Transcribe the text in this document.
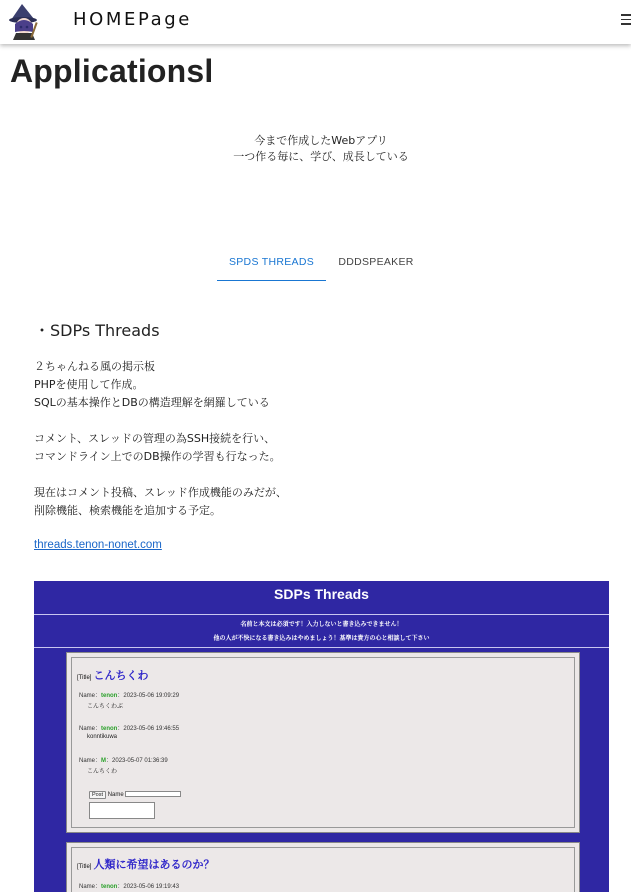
HOMEPage
Applicationsl
今まで作成したWebアプリ
一つ作る毎に、学び、成長している
SPDS THREADS	DDDSPEAKER
・SDPs Threads

２ちゃんねる風の掲示板

PHPを使用して作成。

SQLの基本操作とDBの構造理解を網羅している

コメント、スレッドの管理の為SSH接続を行い、

コマンドライン上でのDB操作の学習も行なった。

現在はコメント投稿、スレッド作成機能のみだが、

削除機能、検索機能を追加する予定。

threads.tenon-nonet.com
SDPs Threads
名前と本文は必須です！入力しないと書き込みできません！
他の人が不快になる書き込みはやめましょう！基準は貴方の心と相談して下さい
[Title] こんちくわ
Name：tenon：2023-05-06 19:09:29
こんちくわぶ
Name：tenon：2023-05-06 19:46:55
konntikuwa
Name：M：2023-05-07 01:36:39
こんちくわ
Post Name
[Title] 人類に希望はあるのか？
Name：tenon：2023-05-06 19:19:43
